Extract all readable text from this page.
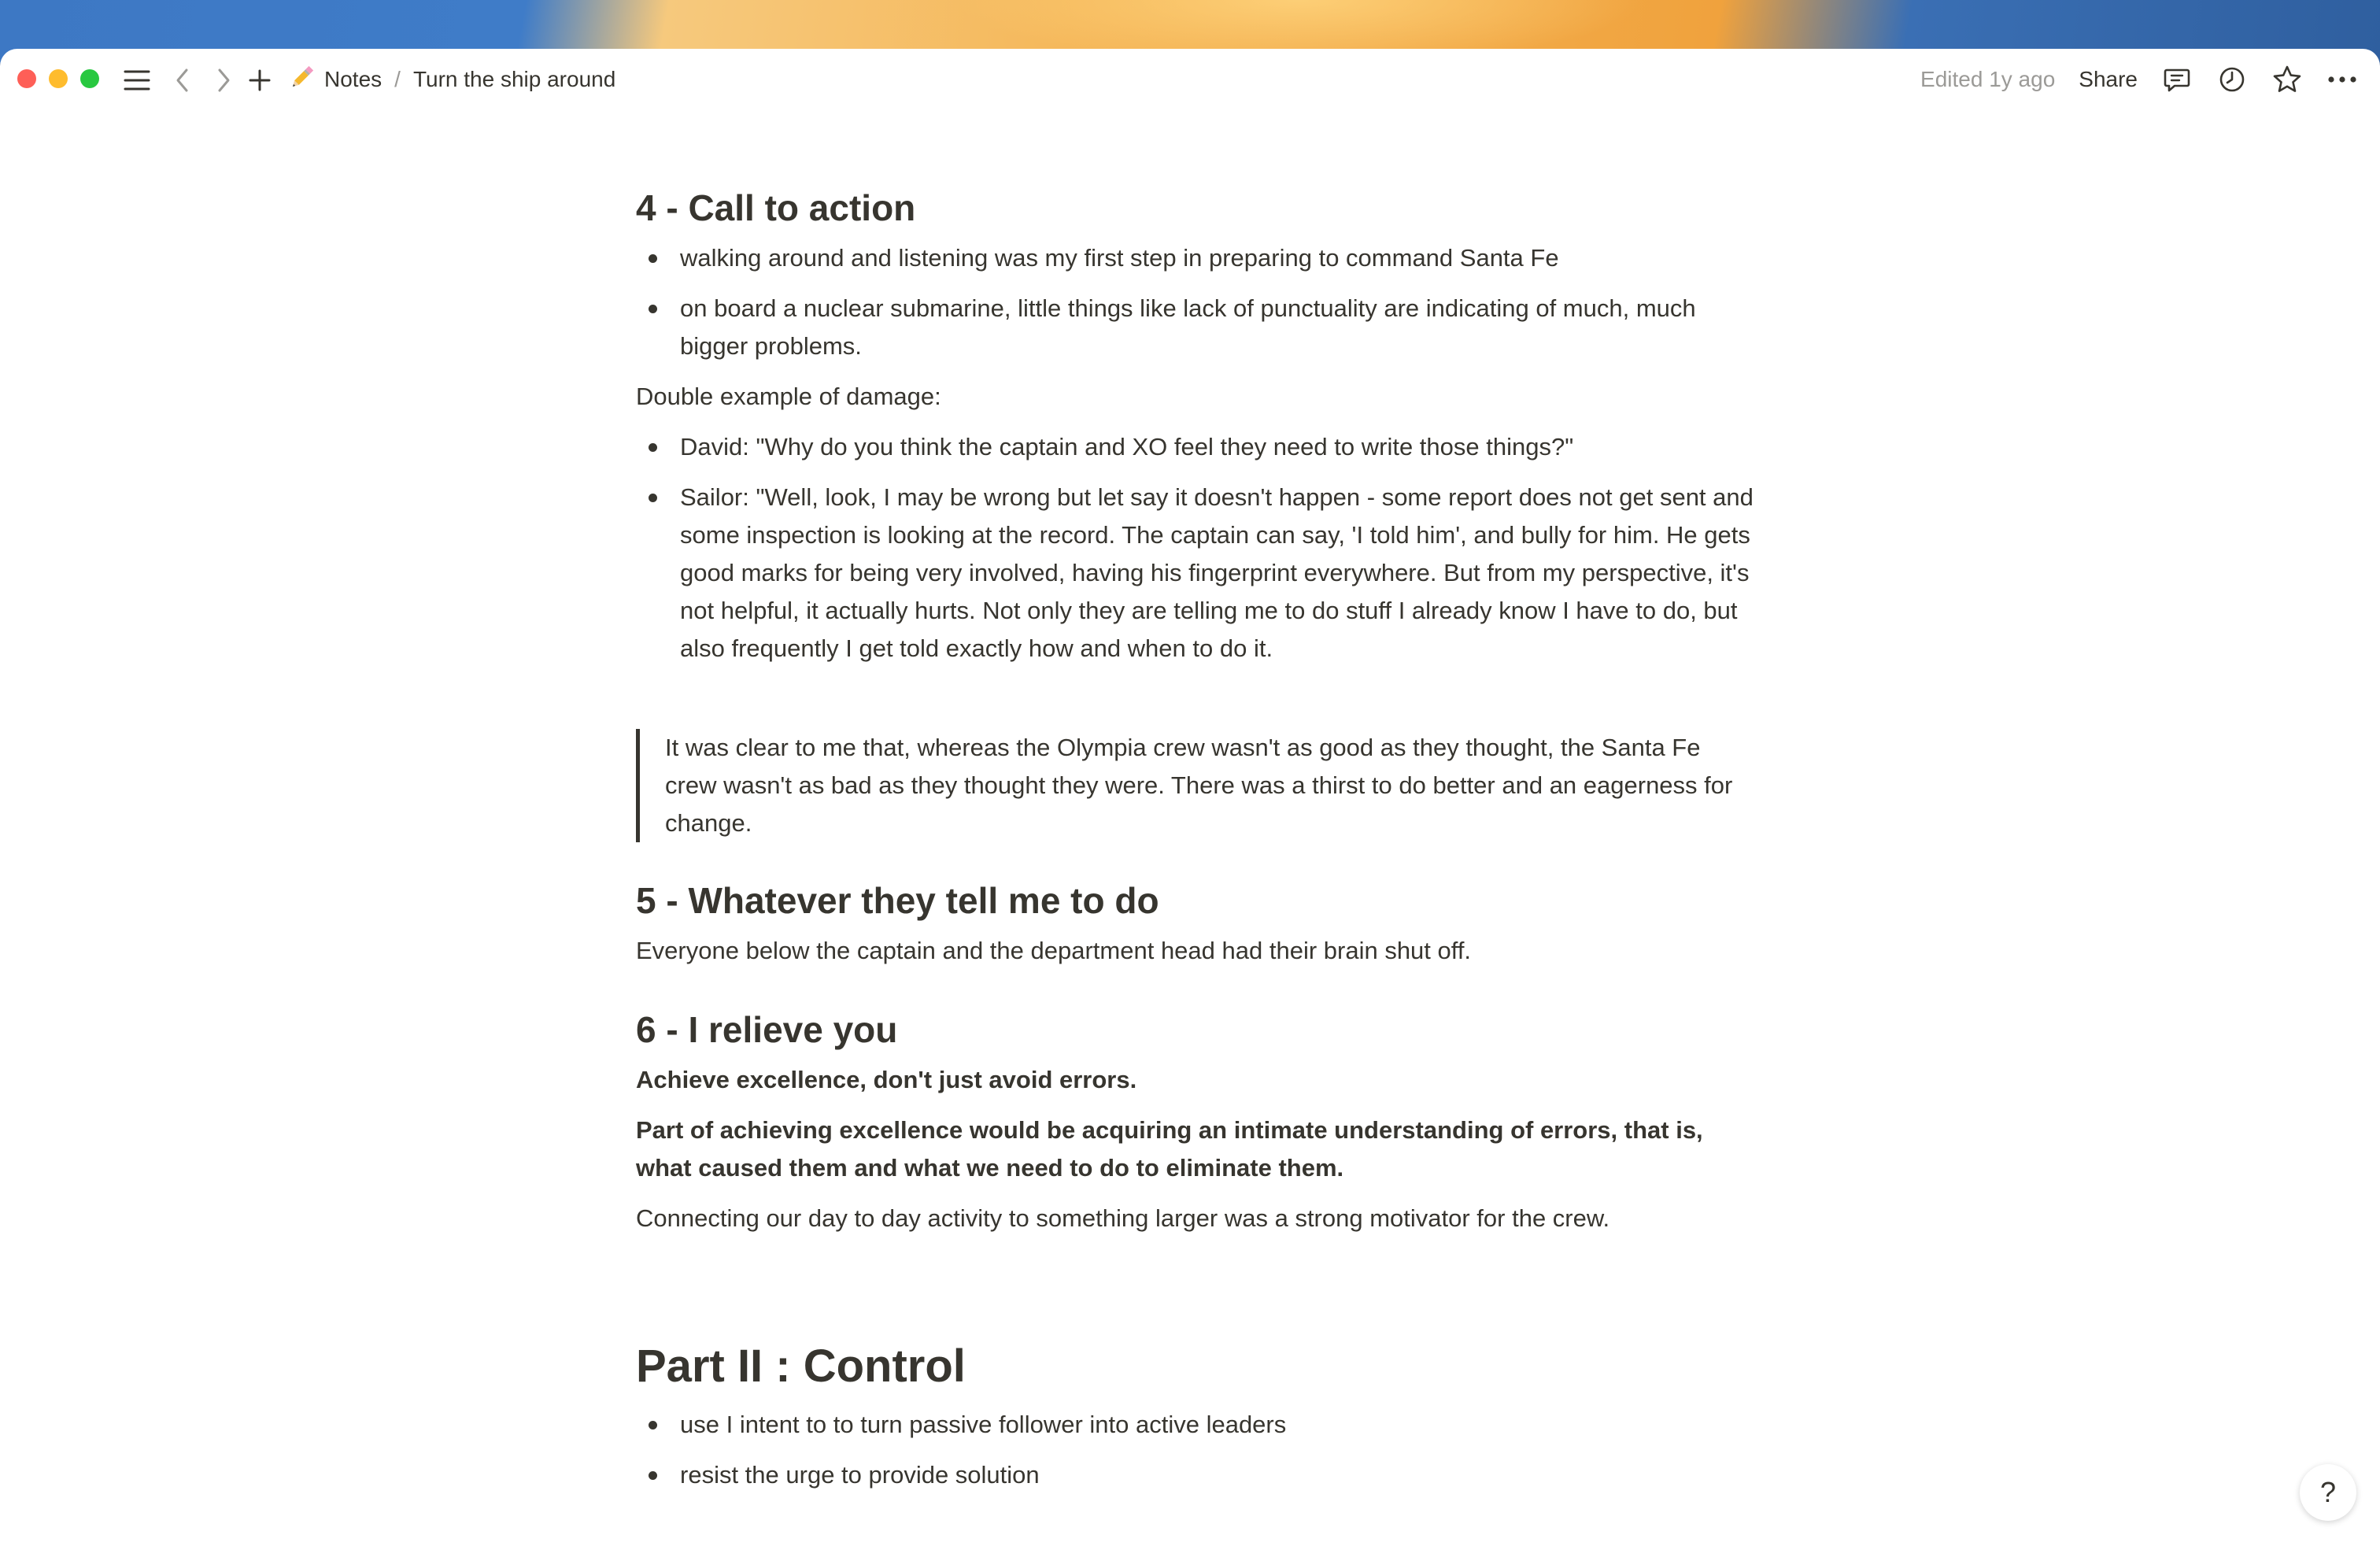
Notes / Turn the ship around	Edited 1y ago Share
4 - Call to action
walking around and listening was my first step in preparing to command Santa Fe
on board a nuclear submarine, little things like lack of punctuality are indicating of much, much bigger problems.

Double example of damage:

David: "Why do you think the captain and XO feel they need to write those things?"
Sailor: "Well, look, I may be wrong but let say it doesn't happen - some report does not get sent and some inspection is looking at the record. The captain can say, 'I told him', and bully for him. He gets good marks for being very involved, having his fingerprint everywhere. But from my perspective, it's not helpful, it actually hurts. Not only they are telling me to do stuff I already know I have to do, but also frequently I get told exactly how and when to do it.

It was clear to me that, whereas the Olympia crew wasn't as good as they thought, the Santa Fe crew wasn't as bad as they thought they were. There was a thirst to do better and an eagerness for change.

5 - Whatever they tell me to do

Everyone below the captain and the department head had their brain shut off.

6 - I relieve you

Achieve excellence, don't just avoid errors.

Part of achieving excellence would be acquiring an intimate understanding of errors, that is, what caused them and what we need to do to eliminate them.

Connecting our day to day activity to something larger was a strong motivator for the crew.

Part II : Control
use I intent to to turn passive follower into active leaders
resist the urge to provide solution
?
